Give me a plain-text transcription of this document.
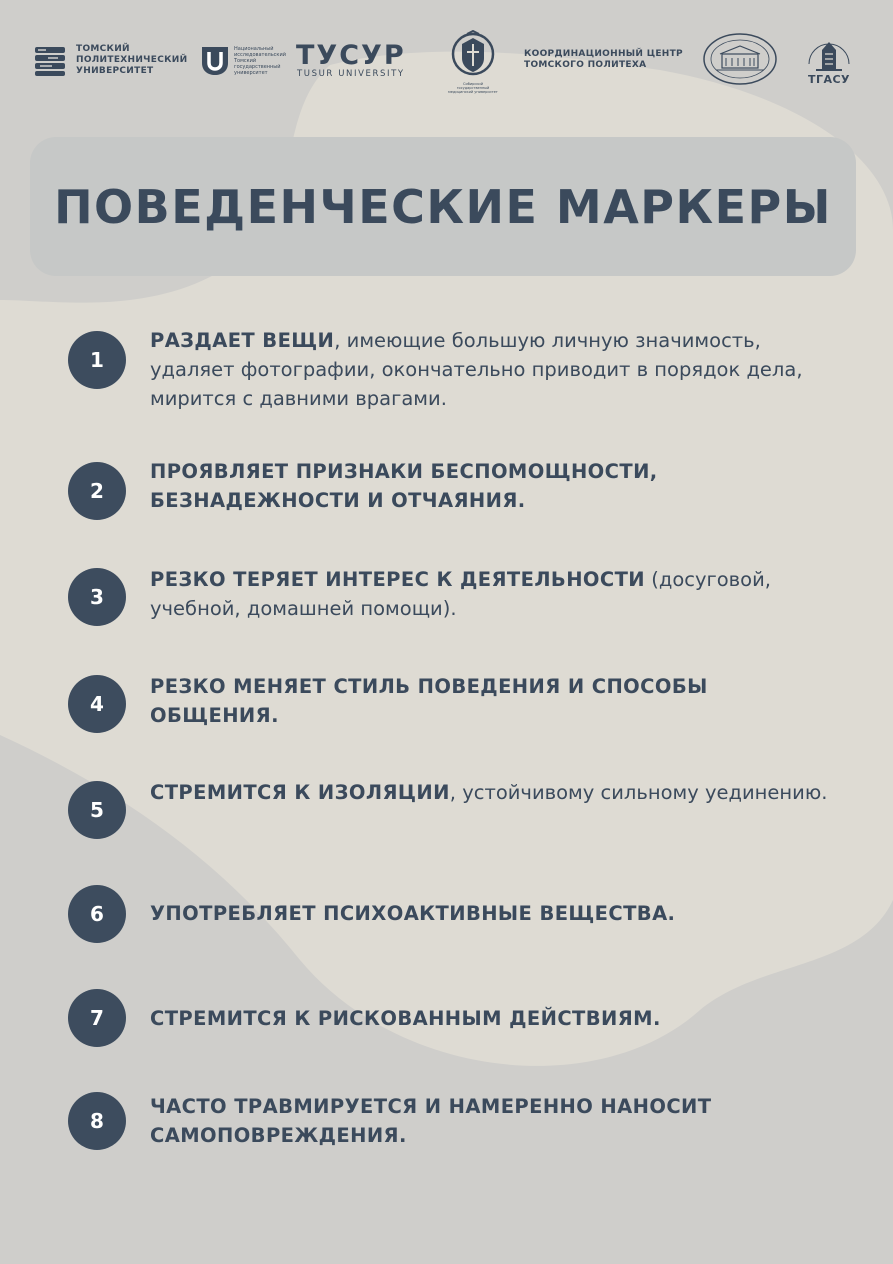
ТОМСКИЙ
ПОЛИТЕХНИЧЕСКИЙ
УНИВЕРСИТЕТ
Национальный
исследовательский
Томский
государственный
университет
ТУСУР
TUSUR UNIVERSITY
Сибирский государственный
медицинский университет
КООРДИНАЦИОННЫЙ ЦЕНТР
ТОМСКОГО ПОЛИТЕХА
ТГАСУ
ПОВЕДЕНЧЕСКИЕ МАРКЕРЫ
1
РАЗДАЕТ ВЕЩИ, имеющие большую личную значимость, удаляет фотографии, окончательно приводит в порядок дела, мирится с давними врагами.
2
ПРОЯВЛЯЕТ ПРИЗНАКИ БЕСПОМОЩНОСТИ, БЕЗНАДЕЖНОСТИ И ОТЧАЯНИЯ.
3
РЕЗКО ТЕРЯЕТ ИНТЕРЕС К ДЕЯТЕЛЬНОСТИ (досуговой, учебной, домашней помощи).
4
РЕЗКО МЕНЯЕТ СТИЛЬ ПОВЕДЕНИЯ И СПОСОБЫ ОБЩЕНИЯ.
5
СТРЕМИТСЯ К ИЗОЛЯЦИИ, устойчивому сильному уединению.
6	УПОТРЕБЛЯЕТ ПСИХОАКТИВНЫЕ ВЕЩЕСТВА.
7	СТРЕМИТСЯ К РИСКОВАННЫМ ДЕЙСТВИЯМ.
8
ЧАСТО ТРАВМИРУЕТСЯ И НАМЕРЕННО НАНОСИТ САМОПОВРЕЖДЕНИЯ.
